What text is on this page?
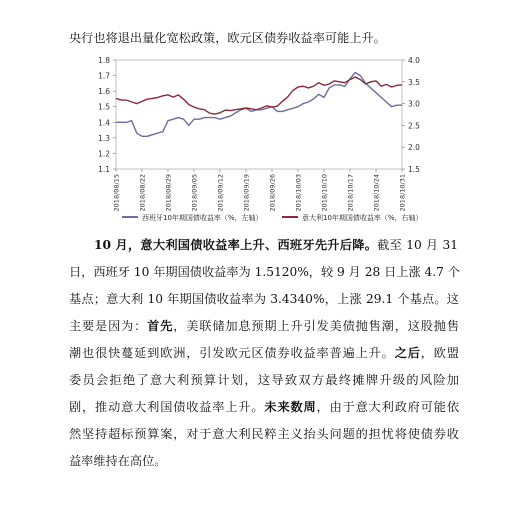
央行也将退出量化宽松政策，欧元区债券收益率可能上升。
1.1
1.2
1.3
1.4
1.5
1.6
1.7
1.8
1.5
2.0
2.5
3.0
3.5
4.0
2018/08/15	2018/08/22	2018/08/29	2018/09/05	2018/09/12	2018/09/19	2018/09/26	2018/10/03	2018/10/10	2018/10/17	2018/10/24	2018/10/31
西班牙10年期国债收益率（%，左轴）	意大利10年期国债收益率（%，右轴）
10 月，意大利国债收益率上升、西班牙先升后降。截至 10 月 31
日，西班牙 10 年期国债收益率为 1.5120%，较 9 月 28 日上涨 4.7 个
基点；意大利 10 年期国债收益率为 3.4340%，上涨 29.1 个基点。这
主要是因为：首先，美联储加息预期上升引发美债抛售潮，这股抛售
潮也很快蔓延到欧洲，引发欧元区债券收益率普遍上升。之后，欧盟
委员会拒绝了意大利预算计划，这导致双方最终摊牌升级的风险加
剧，推动意大利国债收益率上升。未来数周，由于意大利政府可能依
然坚持超标预算案，对于意大利民粹主义抬头问题的担忧将使债券收
益率维持在高位。
